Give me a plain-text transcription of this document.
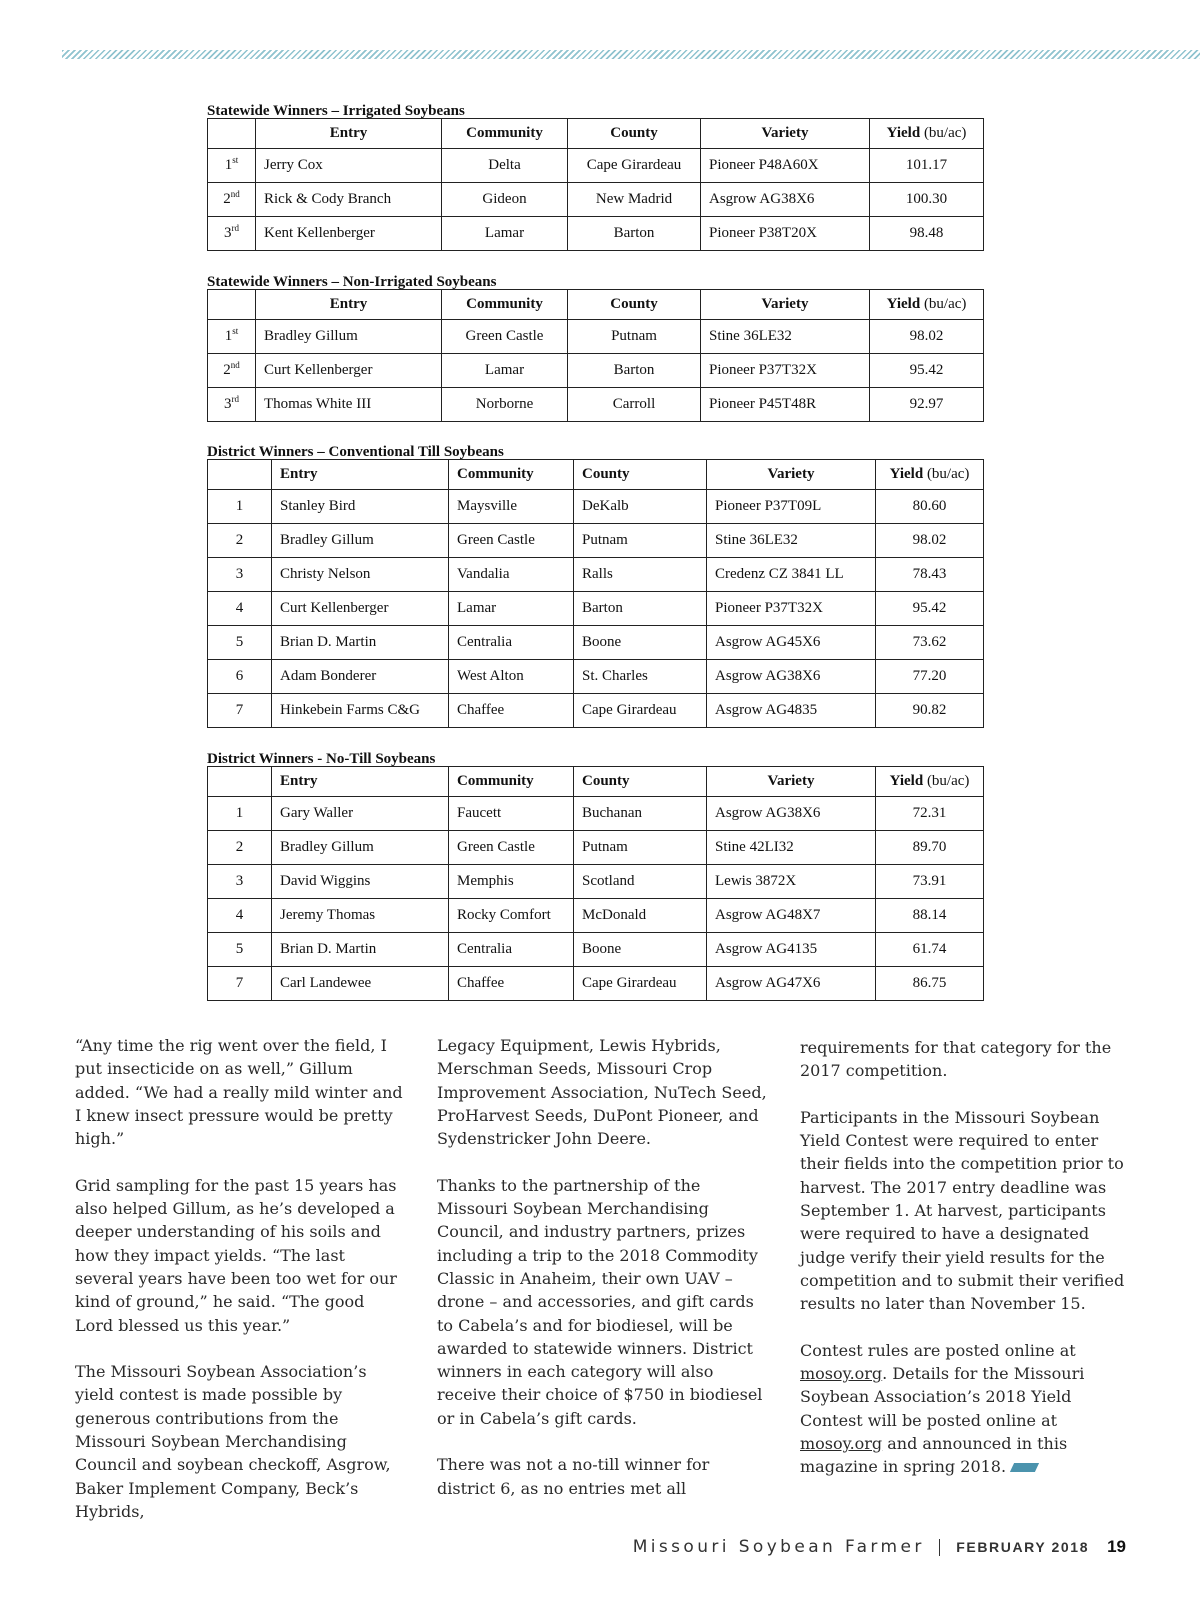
Statewide Winners – Irrigated Soybeans
	Entry	Community	County	Variety	Yield (bu/ac)
1st	Jerry Cox	Delta	Cape Girardeau	Pioneer P48A60X	101.17
2nd	Rick & Cody Branch	Gideon	New Madrid	Asgrow AG38X6	100.30
3rd	Kent Kellenberger	Lamar	Barton	Pioneer P38T20X	98.48
Statewide Winners – Non-Irrigated Soybeans
	Entry	Community	County	Variety	Yield (bu/ac)
1st	Bradley Gillum	Green Castle	Putnam	Stine 36LE32	98.02
2nd	Curt Kellenberger	Lamar	Barton	Pioneer P37T32X	95.42
3rd	Thomas White III	Norborne	Carroll	Pioneer P45T48R	92.97
District Winners – Conventional Till Soybeans
	Entry	Community	County	Variety	Yield (bu/ac)
1	Stanley Bird	Maysville	DeKalb	Pioneer P37T09L	80.60
2	Bradley Gillum	Green Castle	Putnam	Stine 36LE32	98.02
3	Christy Nelson	Vandalia	Ralls	Credenz CZ 3841 LL	78.43
4	Curt Kellenberger	Lamar	Barton	Pioneer P37T32X	95.42
5	Brian D. Martin	Centralia	Boone	Asgrow AG45X6	73.62
6	Adam Bonderer	West Alton	St. Charles	Asgrow AG38X6	77.20
7	Hinkebein Farms C&G	Chaffee	Cape Girardeau	Asgrow AG4835	90.82
District Winners - No-Till Soybeans
	Entry	Community	County	Variety	Yield (bu/ac)
1	Gary Waller	Faucett	Buchanan	Asgrow AG38X6	72.31
2	Bradley Gillum	Green Castle	Putnam	Stine 42LI32	89.70
3	David Wiggins	Memphis	Scotland	Lewis 3872X	73.91
4	Jeremy Thomas	Rocky Comfort	McDonald	Asgrow AG48X7	88.14
5	Brian D. Martin	Centralia	Boone	Asgrow AG4135	61.74
7	Carl Landewee	Chaffee	Cape Girardeau	Asgrow AG47X6	86.75

“Any time the rig went over the field, I put insecticide on as well,” Gillum added. “We had a really mild winter and I knew insect pressure would be pretty high.”

Grid sampling for the past 15 years has also helped Gillum, as he’s developed a deeper understanding of his soils and how they impact yields. “The last several years have been too wet for our kind of ground,” he said. “The good Lord blessed us this year.”

The Missouri Soybean Association’s yield contest is made possible by generous contributions from the Missouri Soybean Merchandising Council and soybean checkoff, Asgrow, Baker Implement Company, Beck’s Hybrids,

Legacy Equipment, Lewis Hybrids, Merschman Seeds, Missouri Crop Improvement Association, NuTech Seed, ProHarvest Seeds, DuPont Pioneer, and Sydenstricker John Deere.

Thanks to the partnership of the Missouri Soybean Merchandising Council, and industry partners, prizes including a trip to the 2018 Commodity Classic in Anaheim, their own UAV – drone – and accessories, and gift cards to Cabela’s and for biodiesel, will be awarded to statewide winners. District winners in each category will also receive their choice of $750 in biodiesel or in Cabela’s gift cards.

There was not a no-till winner for district 6, as no entries met all

requirements for that category for the 2017 competition.

Participants in the Missouri Soybean Yield Contest were required to enter their fields into the competition prior to harvest. The 2017 entry deadline was September 1. At harvest, participants were required to have a designated judge verify their yield results for the competition and to submit their verified results no later than November 15.

Contest rules are posted online at mosoy.org. Details for the Missouri Soybean Association’s 2018 Yield Contest will be posted online at mosoy.org and announced in this magazine in spring 2018.

Missouri Soybean Farmer FEBRUARY 2018 19
